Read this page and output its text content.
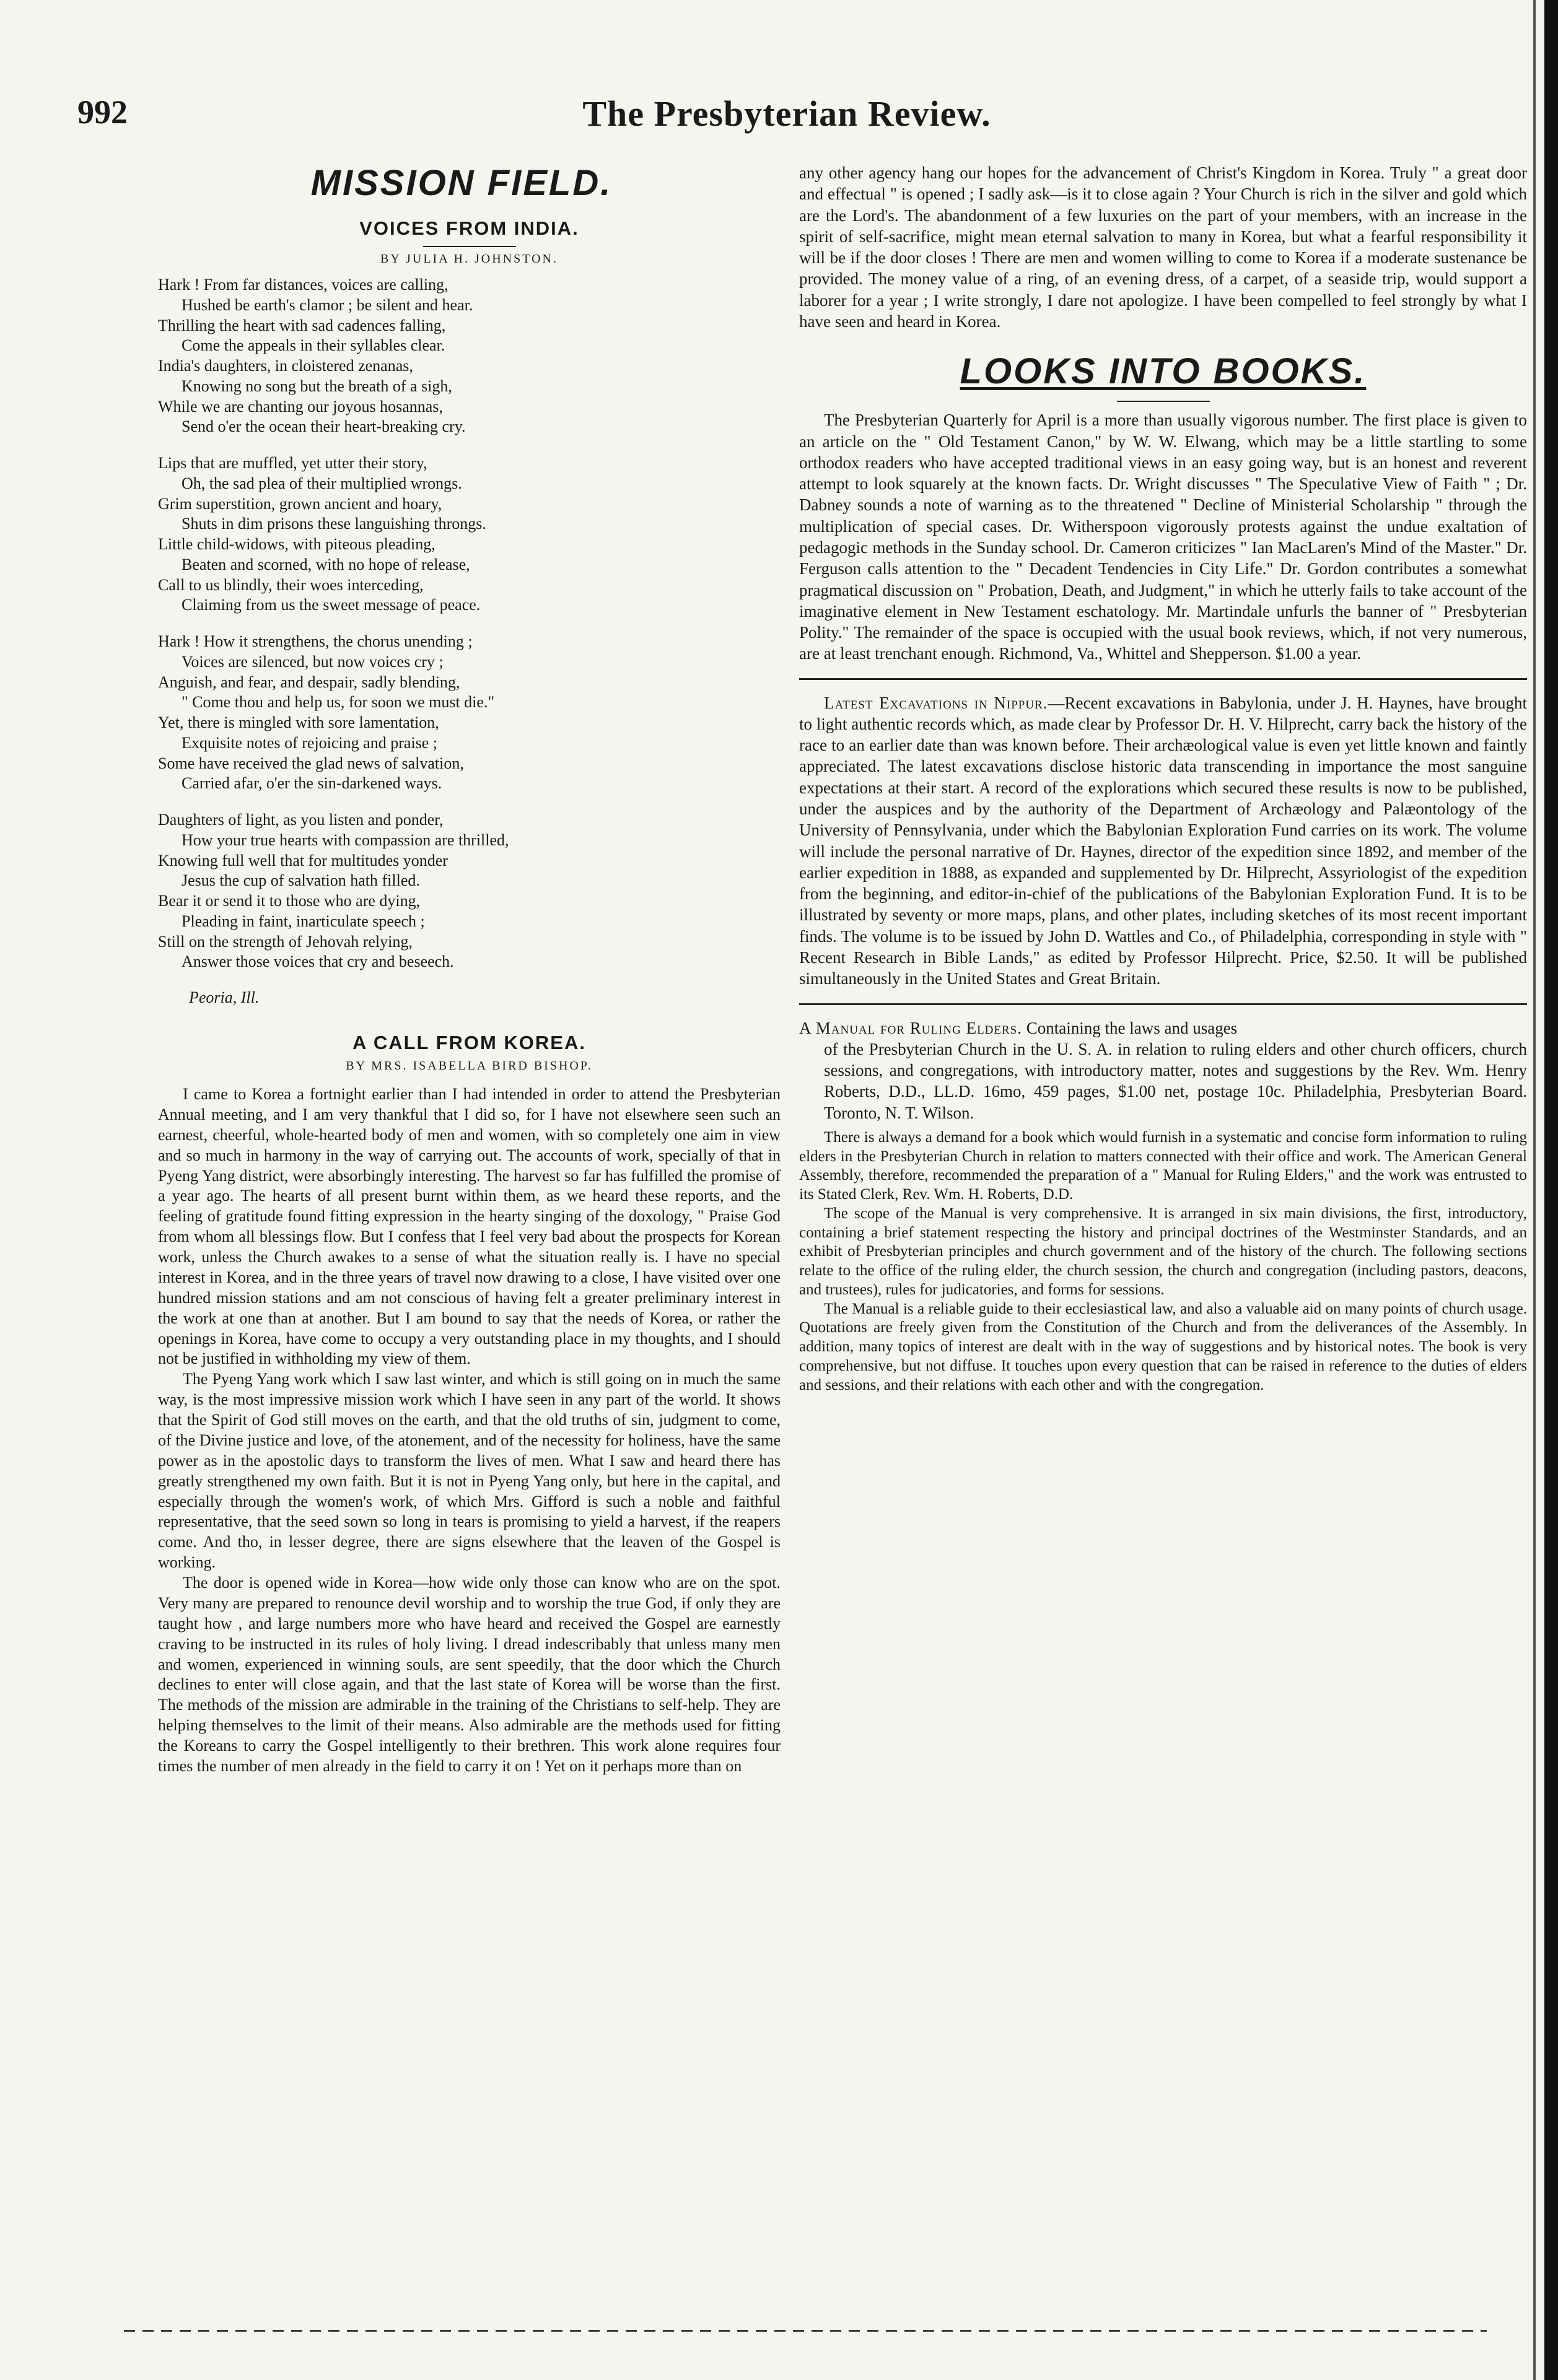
992	The Presbyterian Review.
MISSION FIELD.
VOICES FROM INDIA.
BY JULIA H. JOHNSTON.
Hark ! From far distances, voices are calling,
Hushed be earth's clamor ; be silent and hear.
Thrilling the heart with sad cadences falling,
Come the appeals in their syllables clear.
India's daughters, in cloistered zenanas,
Knowing no song but the breath of a sigh,
While we are chanting our joyous hosannas,
Send o'er the ocean their heart-breaking cry.
Lips that are muffled, yet utter their story,
Oh, the sad plea of their multiplied wrongs.
Grim superstition, grown ancient and hoary,
Shuts in dim prisons these languishing throngs.
Little child-widows, with piteous pleading,
Beaten and scorned, with no hope of release,
Call to us blindly, their woes interceding,
Claiming from us the sweet message of peace.
Hark ! How it strengthens, the chorus unending ;
Voices are silenced, but now voices cry ;
Anguish, and fear, and despair, sadly blending,
" Come thou and help us, for soon we must die."
Yet, there is mingled with sore lamentation,
Exquisite notes of rejoicing and praise ;
Some have received the glad news of salvation,
Carried afar, o'er the sin-darkened ways.
Daughters of light, as you listen and ponder,
How your true hearts with compassion are thrilled,
Knowing full well that for multitudes yonder
Jesus the cup of salvation hath filled.
Bear it or send it to those who are dying,
Pleading in faint, inarticulate speech ;
Still on the strength of Jehovah relying,
Answer those voices that cry and beseech.
Peoria, Ill.
A CALL FROM KOREA.
BY MRS. ISABELLA BIRD BISHOP.

I came to Korea a fortnight earlier than I had intended in order to attend the Presbyterian Annual meeting, and I am very thankful that I did so, for I have not elsewhere seen such an earnest, cheerful, whole-hearted body of men and women, with so completely one aim in view and so much in harmony in the way of carrying out. The accounts of work, specially of that in Pyeng Yang district, were absorbingly interesting. The harvest so far has fulfilled the promise of a year ago. The hearts of all present burnt within them, as we heard these reports, and the feeling of gratitude found fitting expression in the hearty singing of the doxology, " Praise God from whom all blessings flow. But I confess that I feel very bad about the prospects for Korean work, unless the Church awakes to a sense of what the situation really is. I have no special interest in Korea, and in the three years of travel now drawing to a close, I have visited over one hundred mission stations and am not conscious of having felt a greater preliminary interest in the work at one than at another. But I am bound to say that the needs of Korea, or rather the openings in Korea, have come to occupy a very outstanding place in my thoughts, and I should not be justified in withholding my view of them.

The Pyeng Yang work which I saw last winter, and which is still going on in much the same way, is the most impressive mission work which I have seen in any part of the world. It shows that the Spirit of God still moves on the earth, and that the old truths of sin, judgment to come, of the Divine justice and love, of the atonement, and of the necessity for holiness, have the same power as in the apostolic days to transform the lives of men. What I saw and heard there has greatly strengthened my own faith. But it is not in Pyeng Yang only, but here in the capital, and especially through the women's work, of which Mrs. Gifford is such a noble and faithful representative, that the seed sown so long in tears is promising to yield a harvest, if the reapers come. And tho, in lesser degree, there are signs elsewhere that the leaven of the Gospel is working.

The door is opened wide in Korea—how wide only those can know who are on the spot. Very many are prepared to renounce devil worship and to worship the true God, if only they are taught how , and large numbers more who have heard and received the Gospel are earnestly craving to be instructed in its rules of holy living. I dread indescribably that unless many men and women, experienced in winning souls, are sent speedily, that the door which the Church declines to enter will close again, and that the last state of Korea will be worse than the first. The methods of the mission are admirable in the training of the Christians to self-help. They are helping themselves to the limit of their means. Also admirable are the methods used for fitting the Koreans to carry the Gospel intelligently to their brethren. This work alone requires four times the number of men already in the field to carry it on ! Yet on it perhaps more than on

any other agency hang our hopes for the advancement of Christ's Kingdom in Korea. Truly " a great door and effectual " is opened ; I sadly ask—is it to close again ? Your Church is rich in the silver and gold which are the Lord's. The abandonment of a few luxuries on the part of your members, with an increase in the spirit of self-sacrifice, might mean eternal salvation to many in Korea, but what a fearful responsibility it will be if the door closes ! There are men and women willing to come to Korea if a moderate sustenance be provided. The money value of a ring, of an evening dress, of a carpet, of a seaside trip, would support a laborer for a year ; I write strongly, I dare not apologize. I have been compelled to feel strongly by what I have seen and heard in Korea.

LOOKS INTO BOOKS.

The Presbyterian Quarterly for April is a more than usually vigorous number. The first place is given to an article on the " Old Testament Canon," by W. W. Elwang, which may be a little startling to some orthodox readers who have accepted traditional views in an easy going way, but is an honest and reverent attempt to look squarely at the known facts. Dr. Wright discusses " The Speculative View of Faith " ; Dr. Dabney sounds a note of warning as to the threatened " Decline of Ministerial Scholarship " through the multiplication of special cases. Dr. Witherspoon vigorously protests against the undue exaltation of pedagogic methods in the Sunday school. Dr. Cameron criticizes " Ian MacLaren's Mind of the Master." Dr. Ferguson calls attention to the " Decadent Tendencies in City Life." Dr. Gordon contributes a somewhat pragmatical discussion on " Probation, Death, and Judgment," in which he utterly fails to take account of the imaginative element in New Testament eschatology. Mr. Martindale unfurls the banner of " Presbyterian Polity." The remainder of the space is occupied with the usual book reviews, which, if not very numerous, are at least trenchant enough. Richmond, Va., Whittel and Shepperson. $1.00 a year.

Latest Excavations in Nippur.—Recent excavations in Babylonia, under J. H. Haynes, have brought to light authentic records which, as made clear by Professor Dr. H. V. Hilprecht, carry back the history of the race to an earlier date than was known before. Their archæological value is even yet little known and faintly appreciated. The latest excavations disclose historic data transcending in importance the most sanguine expectations at their start. A record of the explorations which secured these results is now to be published, under the auspices and by the authority of the Department of Archæology and Palæontology of the University of Pennsylvania, under which the Babylonian Exploration Fund carries on its work. The volume will include the personal narrative of Dr. Haynes, director of the expedition since 1892, and member of the earlier expedition in 1888, as expanded and supplemented by Dr. Hilprecht, Assyriologist of the expedition from the beginning, and editor-in-chief of the publications of the Babylonian Exploration Fund. It is to be illustrated by seventy or more maps, plans, and other plates, including sketches of its most recent important finds. The volume is to be issued by John D. Wattles and Co., of Philadelphia, corresponding in style with " Recent Research in Bible Lands," as edited by Professor Hilprecht. Price, $2.50. It will be published simultaneously in the United States and Great Britain.

A Manual for Ruling Elders. Containing the laws and usages
of the Presbyterian Church in the U. S. A. in relation to ruling elders and other church officers, church sessions, and congregations, with introductory matter, notes and suggestions by the Rev. Wm. Henry Roberts, D.D., LL.D. 16mo, 459 pages, $1.00 net, postage 10c. Philadelphia, Presbyterian Board. Toronto, N. T. Wilson.

There is always a demand for a book which would furnish in a systematic and concise form information to ruling elders in the Presbyterian Church in relation to matters connected with their office and work. The American General Assembly, therefore, recommended the preparation of a " Manual for Ruling Elders," and the work was entrusted to its Stated Clerk, Rev. Wm. H. Roberts, D.D.

The scope of the Manual is very comprehensive. It is arranged in six main divisions, the first, introductory, containing a brief statement respecting the history and principal doctrines of the Westminster Standards, and an exhibit of Presbyterian principles and church government and of the history of the church. The following sections relate to the office of the ruling elder, the church session, the church and congregation (including pastors, deacons, and trustees), rules for judicatories, and forms for sessions.

The Manual is a reliable guide to their ecclesiastical law, and also a valuable aid on many points of church usage. Quotations are freely given from the Constitution of the Church and from the deliverances of the Assembly. In addition, many topics of interest are dealt with in the way of suggestions and by historical notes. The book is very comprehensive, but not diffuse. It touches upon every question that can be raised in reference to the duties of elders and sessions, and their relations with each other and with the congregation.
